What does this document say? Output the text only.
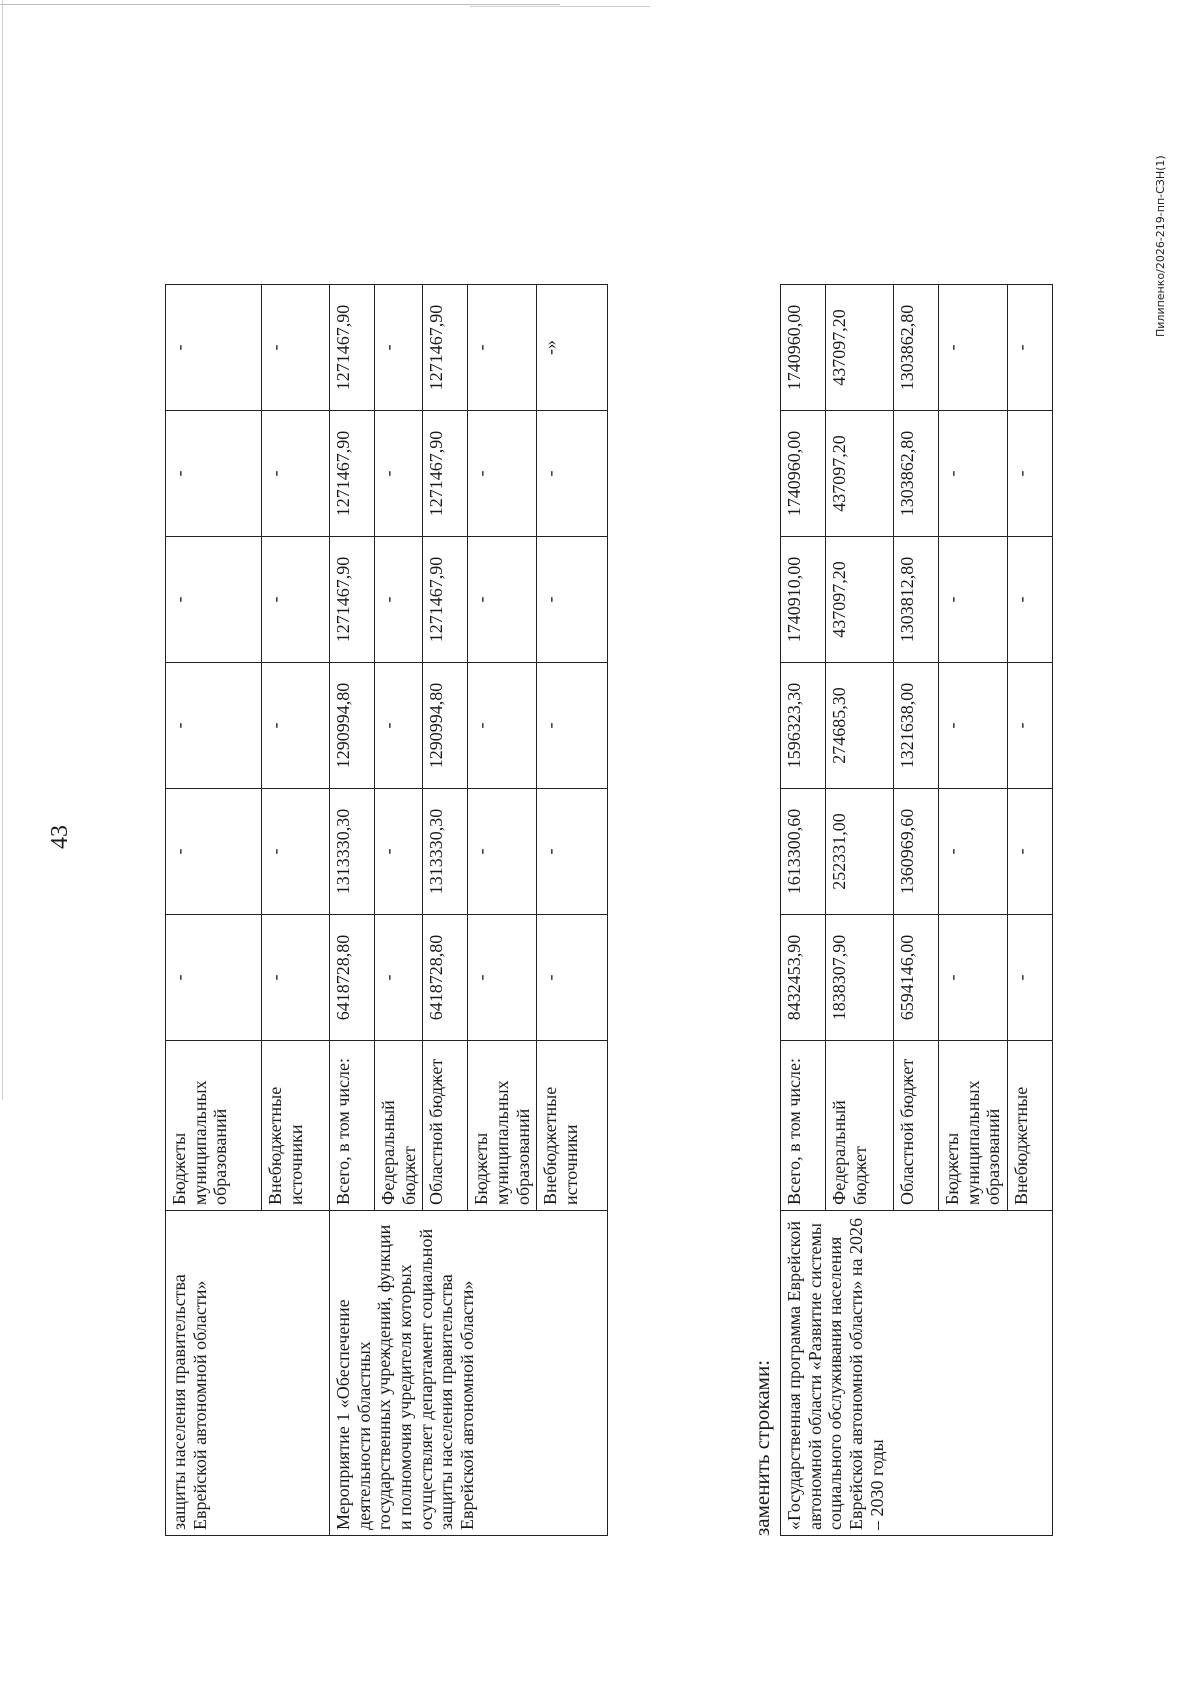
43
защиты населения правительства Еврейской автономной области»	Бюджеты муниципальных образований	-	-	-	-	-	-
	Внебюджетные источники	-	-	-	-	-	-
Мероприятие 1 «Обеспечение деятельности областных государственных учреждений, функции и полномочия учредителя которых осуществляет департамент социальной защиты населения правительства Еврейской автономной области»	Всего, в том числе:	6418728,80	1313330,30	1290994,80	1271467,90	1271467,90	1271467,90
	Федеральный бюджет	-	-	-	-	-	-
	Областной бюджет	6418728,80	1313330,30	1290994,80	1271467,90	1271467,90	1271467,90
	Бюджеты муниципальных образований	-	-	-	-	-	-
	Внебюджетные источники	-	-	-	-	-	-»
заменить строками: «Государственная программа Еврейской автономной области «Развитие системы социального обслуживания населения Еврейской автономной области» на 2026 – 2030 годы	Всего, в том числе:	8432453,90	1613300,60	1596323,30	1740910,00	1740960,00	1740960,00
	Федеральный бюджет	1838307,90	252331,00	274685,30	437097,20	437097,20	437097,20
	Областной бюджет	6594146,00	1360969,60	1321638,00	1303812,80	1303862,80	1303862,80
	Бюджеты муниципальных образований	-	-	-	-	-	-
	Внебюджетные	-	-	-	-	-	-
Пилипенко/2026-219-пп-СЗН(1)
